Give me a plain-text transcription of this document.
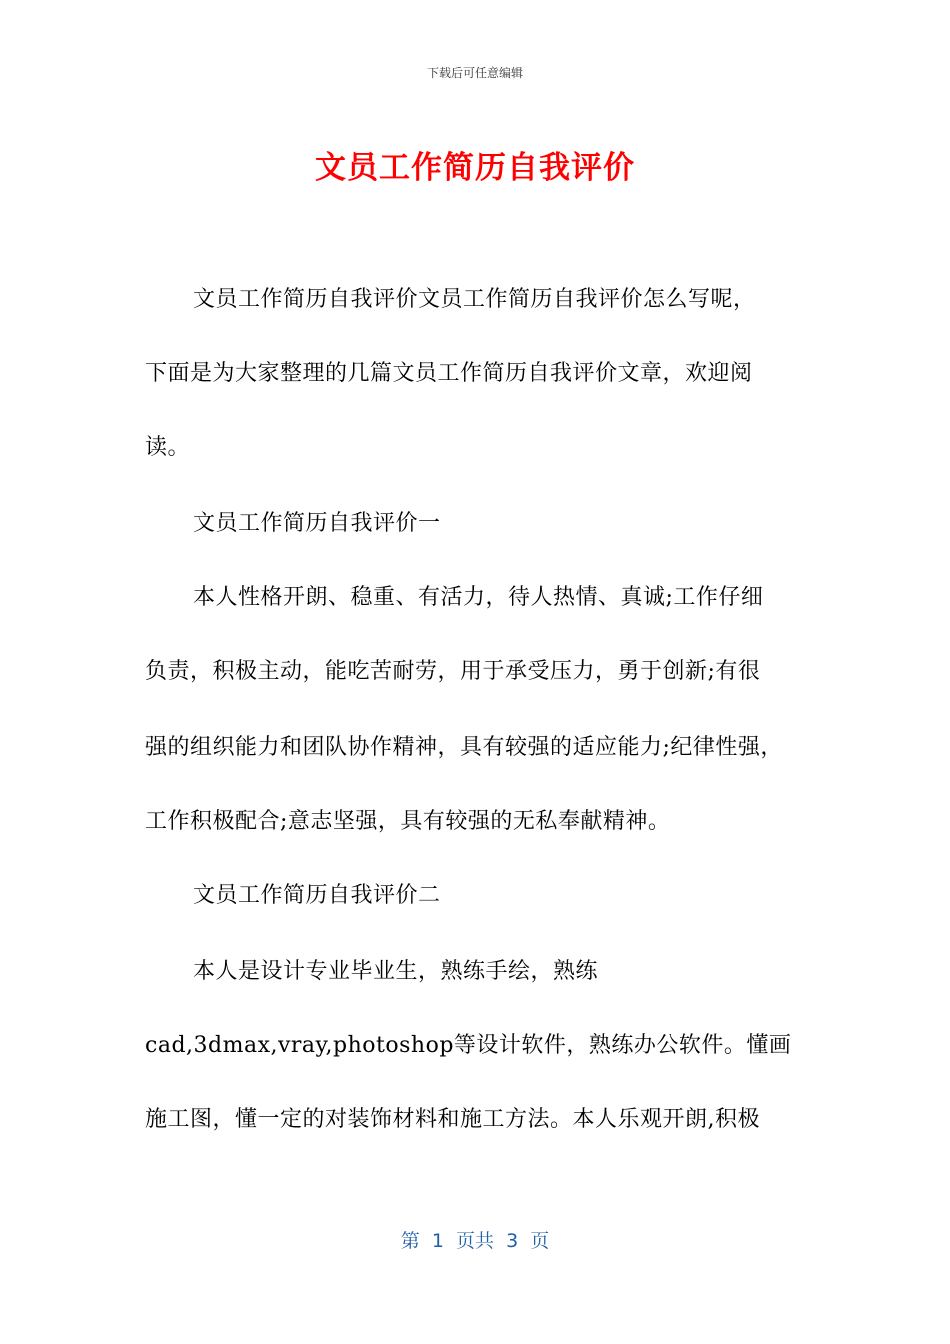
下载后可任意编辑
文员工作简历自我评价
文员工作简历自我评价文员工作简历自我评价怎么写呢，
下面是为大家整理的几篇文员工作简历自我评价文章，欢迎阅
读。
文员工作简历自我评价一
本人性格开朗、稳重、有活力，待人热情、真诚;工作仔细
负责，积极主动，能吃苦耐劳，用于承受压力，勇于创新;有很
强的组织能力和团队协作精神，具有较强的适应能力;纪律性强，
工作积极配合;意志坚强，具有较强的无私奉献精神。
文员工作简历自我评价二
本人是设计专业毕业生，熟练手绘，熟练
cad,3dmax,vray,photoshop等设计软件，熟练办公软件。懂画
施工图，懂一定的对装饰材料和施工方法。本人乐观开朗,积极
第  1  页共  3  页
